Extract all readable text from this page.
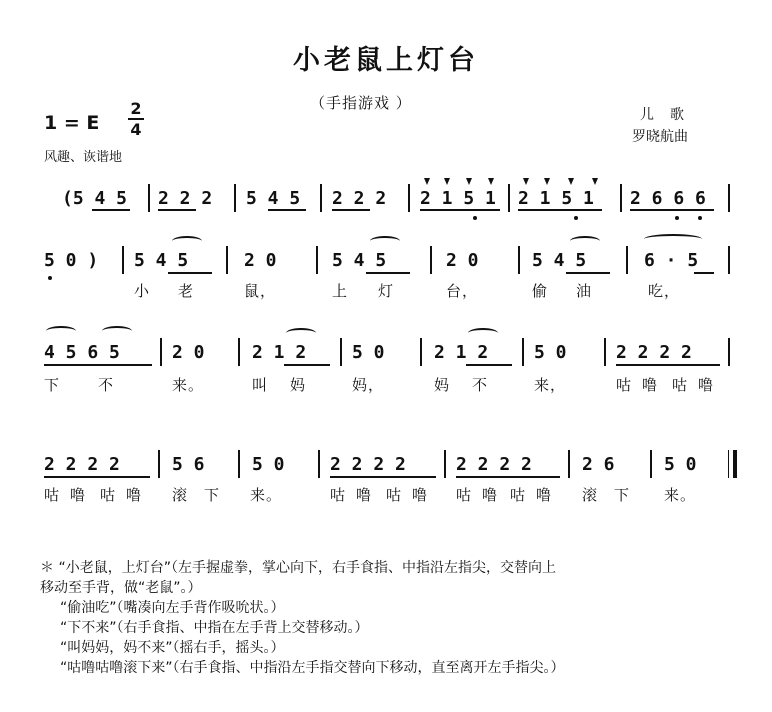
小老鼠上灯台
（手指游戏 ）
1 = E
2
4
风趣、诙谐地
儿歌
罗晓航曲
(5 4 5 2 2 2 5 4 5 2 2 2 2 1 5 1 2 1 5 1 2 6 6 6
5 0 ) 5 4 5	2 0	5 4 5	2 0	5 4 5	6 · 5
小 老	鼠，	上 灯	台，	偷 油	吃，
4 5 6 5	2 0	2 1 2	5 0	2 1 2	5 0	2 2 2 2
下	不	来。	叫 妈	妈，	妈 不	来，	咕 噜 咕 噜
2 2 2 2	5 6	5 0	2 2 2 2	2 2 2 2	2 6	5 0
咕 噜 咕 噜 滚 下 来。	咕 噜 咕 噜 咕 噜 咕 噜 滚 下 来。
＊ “小老鼠，上灯台”（左手握虚拳，掌心向下，右手食指、中指沿左指尖，交替向上
移动至手背，做“老鼠”。）
“偷油吃”（嘴凑向左手背作吸吮状。）
“下不来”（右手食指、中指在左手背上交替移动。）
“叫妈妈，妈不来”（摇右手，摇头。）
“咕噜咕噜滚下来”（右手食指、中指沿左手指交替向下移动，直至离开左手指尖。）
